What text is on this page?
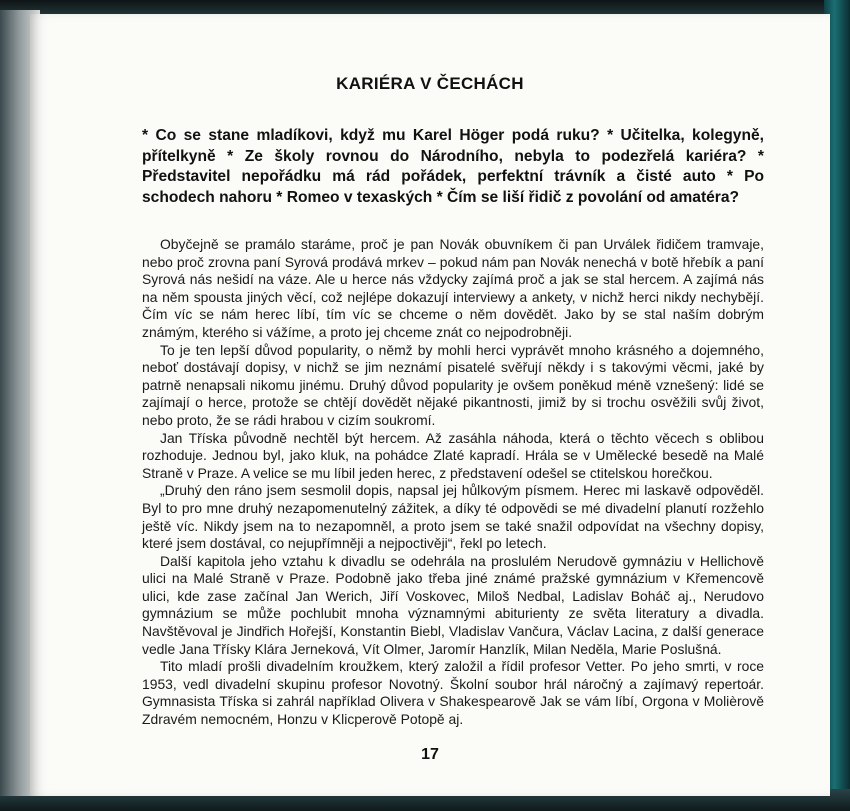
KARIÉRA V ČECHÁCH

* Co se stane mladíkovi, když mu Karel Höger podá ruku? * Učitelka, kolegyně, přítelkyně * Ze školy rovnou do Národního, nebyla to podezřelá kariéra? * Představitel nepořádku má rád pořádek, perfektní trávník a čisté auto * Po schodech nahoru * Romeo v texaských * Čím se liší řidič z povolání od amatéra?

Obyčejně se pramálo staráme, proč je pan Novák obuvníkem či pan Urválek řidičem tramvaje, nebo proč zrovna paní Syrová prodává mrkev – pokud nám pan Novák nenechá v botě hřebík a paní Syrová nás nešidí na váze. Ale u herce nás vždycky zajímá proč a jak se stal hercem. A zajímá nás na něm spousta jiných věcí, což nejlépe dokazují interviewy a ankety, v nichž herci nikdy nechybějí. Čím víc se nám herec líbí, tím víc se chceme o něm dovědět. Jako by se stal naším dobrým známým, kterého si vážíme, a proto jej chceme znát co nejpodrobněji.

To je ten lepší důvod popularity, o němž by mohli herci vyprávět mnoho krásného a dojemného, neboť dostávají dopisy, v nichž se jim neznámí pisatelé svěřují někdy i s takovými věcmi, jaké by patrně nenapsali nikomu jinému. Druhý důvod popularity je ovšem poněkud méně vznešený: lidé se zajímají o herce, protože se chtějí dovědět nějaké pikantnosti, jimiž by si trochu osvěžili svůj život, nebo proto, že se rádi hrabou v cizím soukromí.

Jan Tříska původně nechtěl být hercem. Až zasáhla náhoda, která o těchto věcech s oblibou rozhoduje. Jednou byl, jako kluk, na pohádce Zlaté kapradí. Hrála se v Umělecké besedě na Malé Straně v Praze. A velice se mu líbil jeden herec, z představení odešel se ctitelskou horečkou.

„Druhý den ráno jsem sesmolil dopis, napsal jej hůlkovým písmem. Herec mi laskavě odpověděl. Byl to pro mne druhý nezapomenutelný zážitek, a díky té odpovědi se mé divadelní planutí rozžehlo ještě víc. Nikdy jsem na to nezapomněl, a proto jsem se také snažil odpovídat na všechny dopisy, které jsem dostával, co nejupřímněji a nejpoctivěji“, řekl po letech.

Další kapitola jeho vztahu k divadlu se odehrála na proslulém Nerudově gymnáziu v Hellichově ulici na Malé Straně v Praze. Podobně jako třeba jiné známé pražské gymnázium v Křemencově ulici, kde zase začínal Jan Werich, Jiří Voskovec, Miloš Nedbal, Ladislav Boháč aj., Nerudovo gymnázium se může pochlubit mnoha významnými abiturienty ze světa literatury a divadla. Navštěvoval je Jindřich Hořejší, Konstantin Biebl, Vladislav Vančura, Václav Lacina, z další generace vedle Jana Třísky Klára Jerneková, Vít Olmer, Jaromír Hanzlík, Milan Neděla, Marie Poslušná.

Tito mladí prošli divadelním kroužkem, který založil a řídil profesor Vetter. Po jeho smrti, v roce 1953, vedl divadelní skupinu profesor Novotný. Školní soubor hrál náročný a zajímavý repertoár. Gymnasista Tříska si zahrál například Olivera v Shakespearově Jak se vám líbí, Orgona v Molièrově Zdravém nemocném, Honzu v Klicperově Potopě aj.

17
